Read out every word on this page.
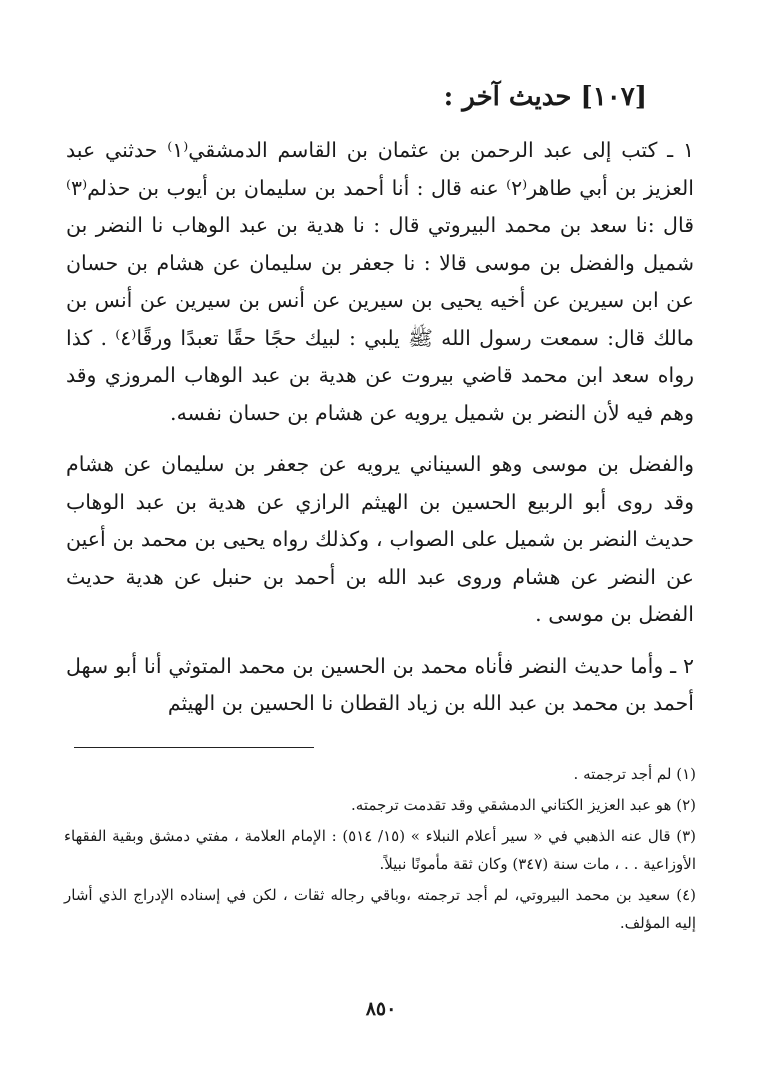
[١٠٧] حديث آخر :

١ ـ كتب إلى عبد الرحمن بن عثمان بن القاسم الدمشقي⁽١⁾ حدثني عبد العزيز بن أبي طاهر⁽٢⁾ عنه قال : أنا أحمد بن سليمان بن أيوب بن حذلم⁽٣⁾ قال :نا سعد بن محمد البيروتي قال : نا هدية بن عبد الوهاب نا النضر بن شميل والفضل بن موسى قالا : نا جعفر بن سليمان عن هشام بن حسان عن ابن سيرين عن أخيه يحيى بن سيرين عن أنس بن سيرين عن أنس بن مالك قال: سمعت رسول الله ﷺ يلبي : لبيك حجًا حقًا تعبدًا ورقًا⁽٤⁾ . كذا رواه سعد ابن محمد قاضي بيروت عن هدية بن عبد الوهاب المروزي وقد وهم فيه لأن النضر بن شميل يرويه عن هشام بن حسان نفسه.

والفضل بن موسى وهو السيناني يرويه عن جعفر بن سليمان عن هشام وقد روى أبو الربيع الحسين بن الهيثم الرازي عن هدية بن عبد الوهاب حديث النضر بن شميل على الصواب ، وكذلك رواه يحيى بن محمد بن أعين عن النضر عن هشام وروى عبد الله بن أحمد بن حنبل عن هدية حديث الفضل بن موسى .

٢ ـ وأما حديث النضر فأناه محمد بن الحسين بن محمد المتوثي أنا أبو سهل أحمد بن محمد بن عبد الله بن زياد القطان نا الحسين بن الهيثم

(١) لم أجد ترجمته .

(٢) هو عبد العزيز الكتاني الدمشقي وقد تقدمت ترجمته.

(٣) قال عنه الذهبي في « سير أعلام النبلاء » (١٥/ ٥١٤) : الإمام العلامة ، مفتي دمشق وبقية الفقهاء الأوزاعية . . ، مات سنة (٣٤٧) وكان ثقة مأمونًا نبيلاً.

(٤) سعيد بن محمد البيروتي، لم أجد ترجمته ،وباقي رجاله ثقات ، لكن في إسناده الإدراج الذي أشار إليه المؤلف.

٨٥٠
